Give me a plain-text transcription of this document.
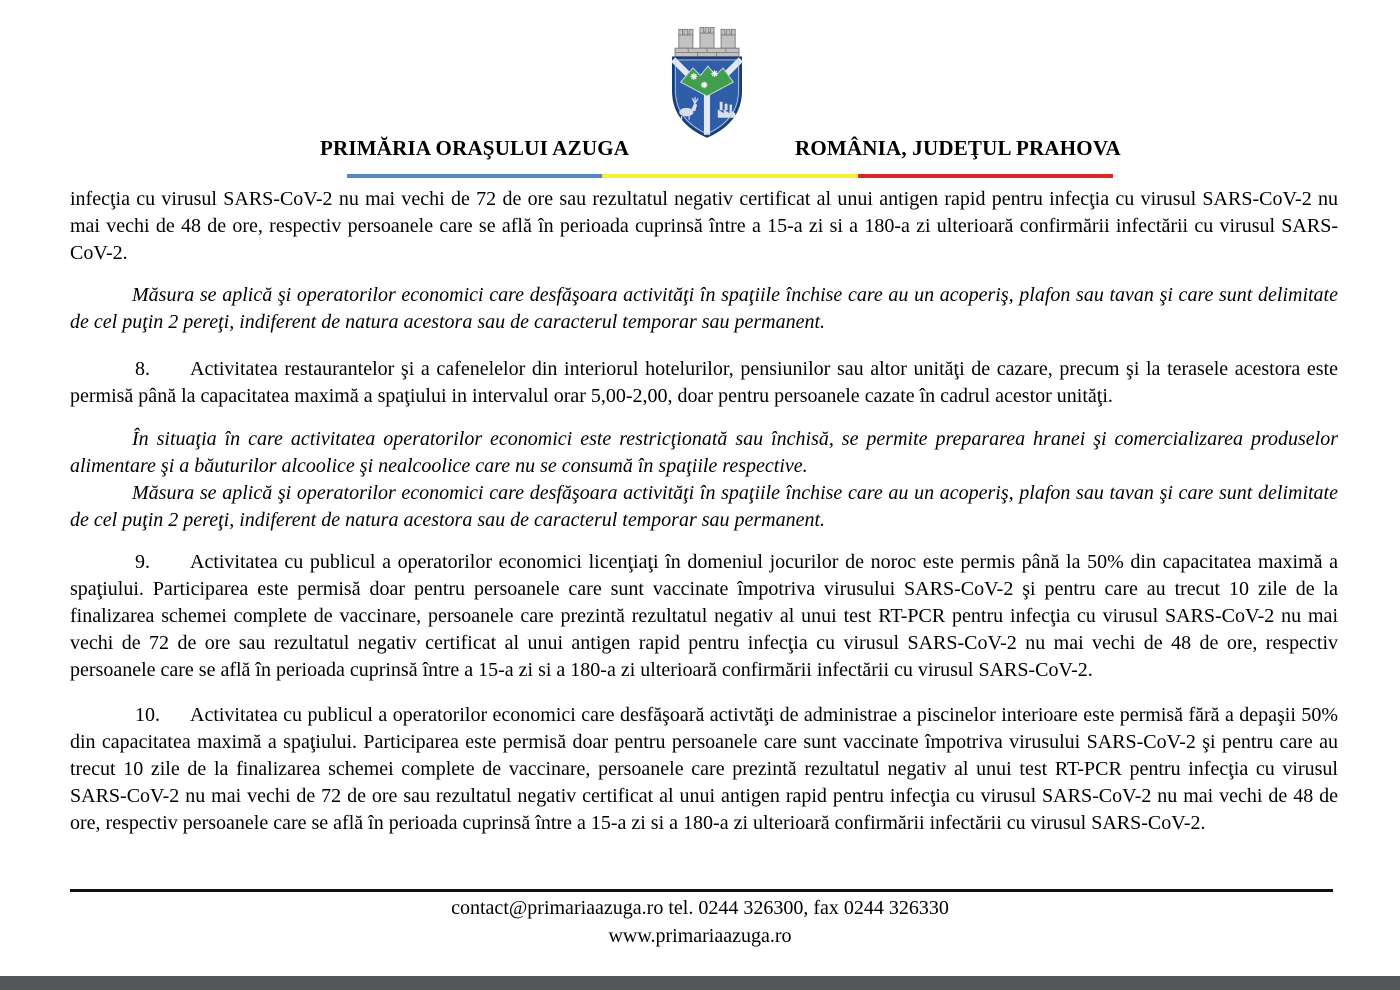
PRIMĂRIA ORAŞULUI AZUGA	ROMÂNIA, JUDEŢUL PRAHOVA

infecţia cu virusul SARS-CoV-2 nu mai vechi de 72 de ore sau rezultatul negativ certificat al unui antigen rapid pentru infecţia cu virusul SARS-CoV-2 nu mai vechi de 48 de ore, respectiv persoanele care se află în perioada cuprinsă între a 15-a zi si a 180-a zi ulterioară confirmării infectării cu virusul SARS-CoV-2.

Măsura se aplică şi operatorilor economici care desfăşoara activităţi în spaţiile închise care au un acoperiş, plafon sau tavan şi care sunt delimitate de cel puţin 2 pereţi, indiferent de natura acestora sau de caracterul temporar sau permanent.

8. Activitatea restaurantelor şi a cafenelelor din interiorul hotelurilor, pensiunilor sau altor unităţi de cazare, precum şi la terasele acestora este permisă până la capacitatea maximă a spaţiului in intervalul orar 5,00-2,00, doar pentru persoanele cazate în cadrul acestor unităţi.

În situaţia în care activitatea operatorilor economici este restricţionată sau închisă, se permite prepararea hranei şi comercializarea produselor alimentare şi a băuturilor alcoolice şi nealcoolice care nu se consumă în spaţiile respective.

Măsura se aplică şi operatorilor economici care desfăşoara activităţi în spaţiile închise care au un acoperiş, plafon sau tavan şi care sunt delimitate de cel puţin 2 pereţi, indiferent de natura acestora sau de caracterul temporar sau permanent.

9. Activitatea cu publicul a operatorilor economici licenţiaţi în domeniul jocurilor de noroc este permis până la 50% din capacitatea maximă a spaţiului. Participarea este permisă doar pentru persoanele care sunt vaccinate împotriva virusului SARS-CoV-2 şi pentru care au trecut 10 zile de la finalizarea schemei complete de vaccinare, persoanele care prezintă rezultatul negativ al unui test RT-PCR pentru infecţia cu virusul SARS-CoV-2 nu mai vechi de 72 de ore sau rezultatul negativ certificat al unui antigen rapid pentru infecţia cu virusul SARS-CoV-2 nu mai vechi de 48 de ore, respectiv persoanele care se află în perioada cuprinsă între a 15-a zi si a 180-a zi ulterioară confirmării infectării cu virusul SARS-CoV-2.

10. Activitatea cu publicul a operatorilor economici care desfăşoară activtăţi de administrae a piscinelor interioare este permisă fără a depaşii 50% din capacitatea maximă a spaţiului. Participarea este permisă doar pentru persoanele care sunt vaccinate împotriva virusului SARS-CoV-2 şi pentru care au trecut 10 zile de la finalizarea schemei complete de vaccinare, persoanele care prezintă rezultatul negativ al unui test RT-PCR pentru infecţia cu virusul SARS-CoV-2 nu mai vechi de 72 de ore sau rezultatul negativ certificat al unui antigen rapid pentru infecţia cu virusul SARS-CoV-2 nu mai vechi de 48 de ore, respectiv persoanele care se află în perioada cuprinsă între a 15-a zi si a 180-a zi ulterioară confirmării infectării cu virusul SARS-CoV-2.

contact@primariaazuga.ro tel. 0244 326300, fax 0244 326330
www.primariaazuga.ro
